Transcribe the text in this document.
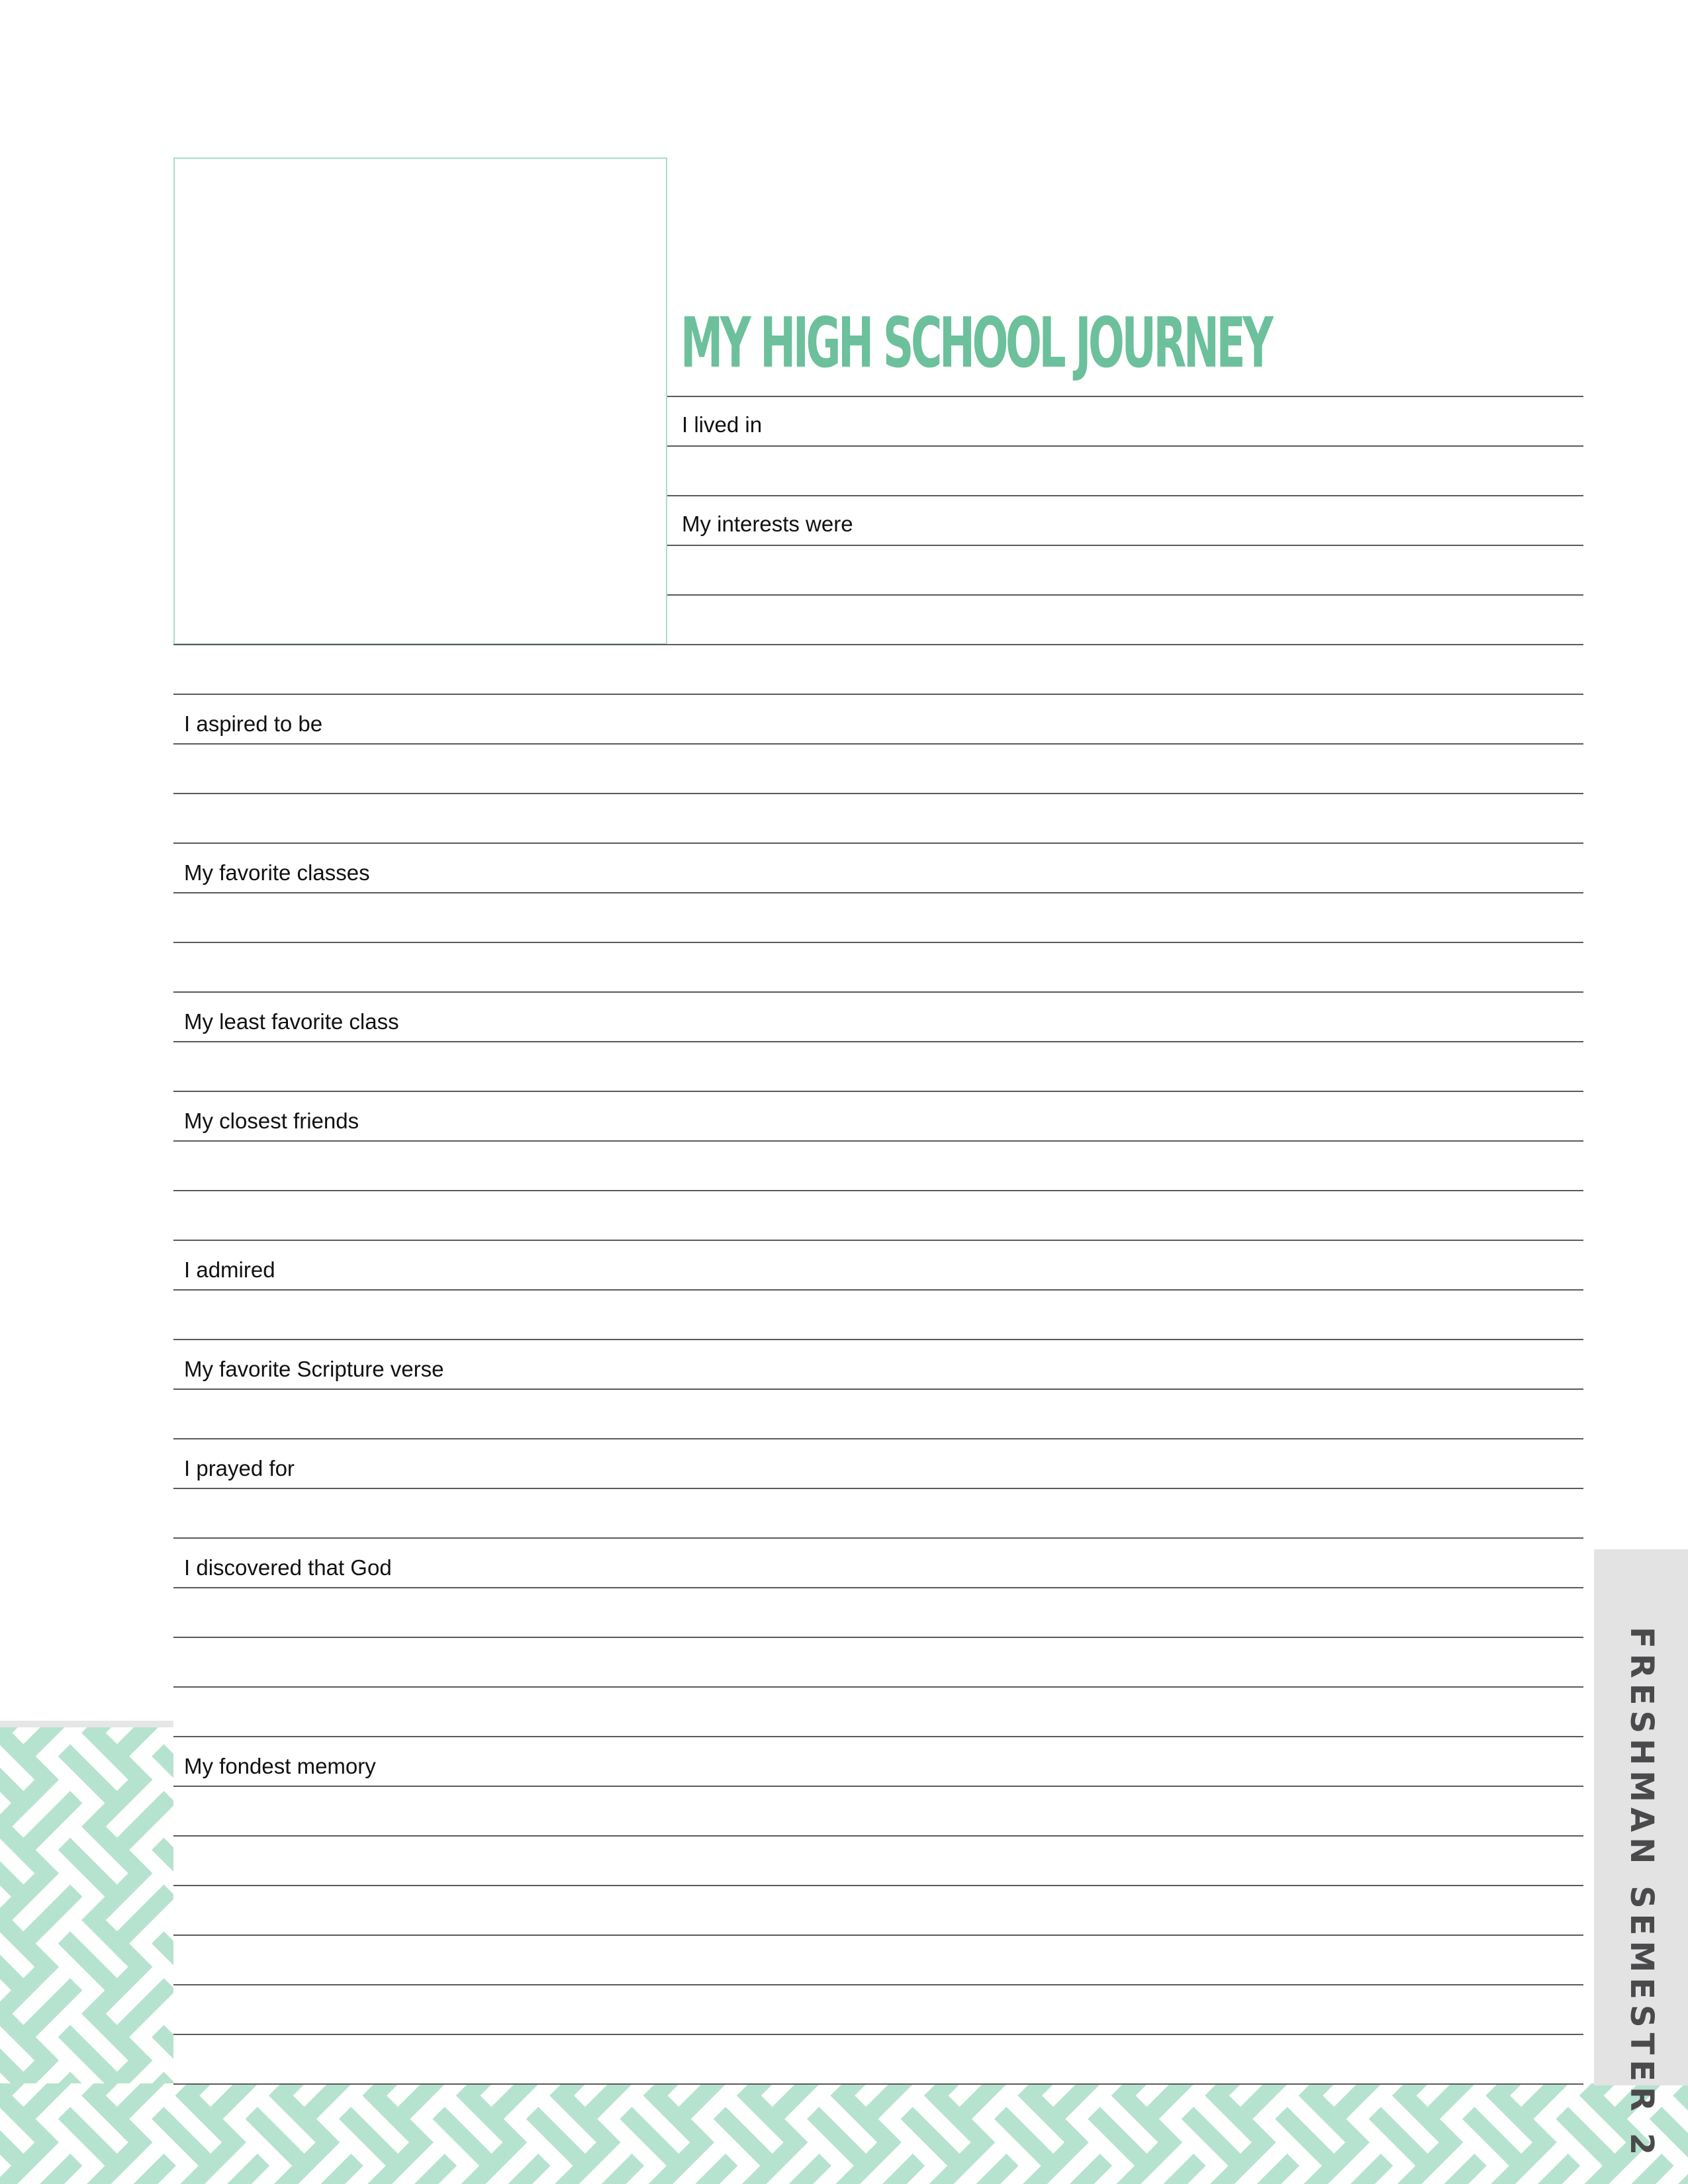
MY HIGH SCHOOL JOURNEY
FRESHMAN SEMESTER 2
I lived in
My interests were
I aspired to be
My favorite classes
My least favorite class
My closest friends
I admired
My favorite Scripture verse
I prayed for
I discovered that God
My fondest memory
